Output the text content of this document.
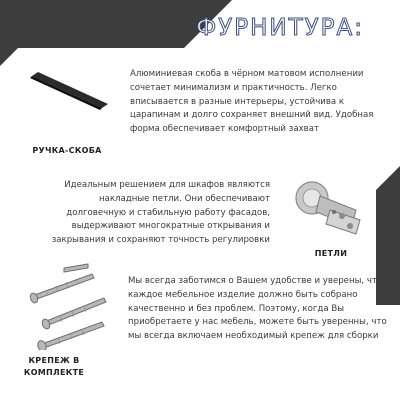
ФУРНИТУРА:
РУЧКА-СКОБА
Алюминиевая скоба в чёрном матовом исполнении сочетает минимализм и практичность. Легко вписывается в разные интерьеры, устойчива к царапинам и долго сохраняет внешний вид. Удобная форма обеспечивает комфортный захват
Идеальным решением для шкафов являются накладные петли. Они обеспечивают долговечную и стабильную работу фасадов, выдерживают многократные открывания и закрывания и сохраняют точность регулировки
ПЕТЛИ
КРЕПЕЖ В
КОМПЛЕКТЕ
Мы всегда заботимся о Вашем удобстве и уверены, что каждое мебельное изделие должно быть собрано качественно и без проблем. Поэтому, когда Вы приобретаете у нас мебель, можете быть уверенны, что мы всегда включаем необходимый крепеж для сборки
